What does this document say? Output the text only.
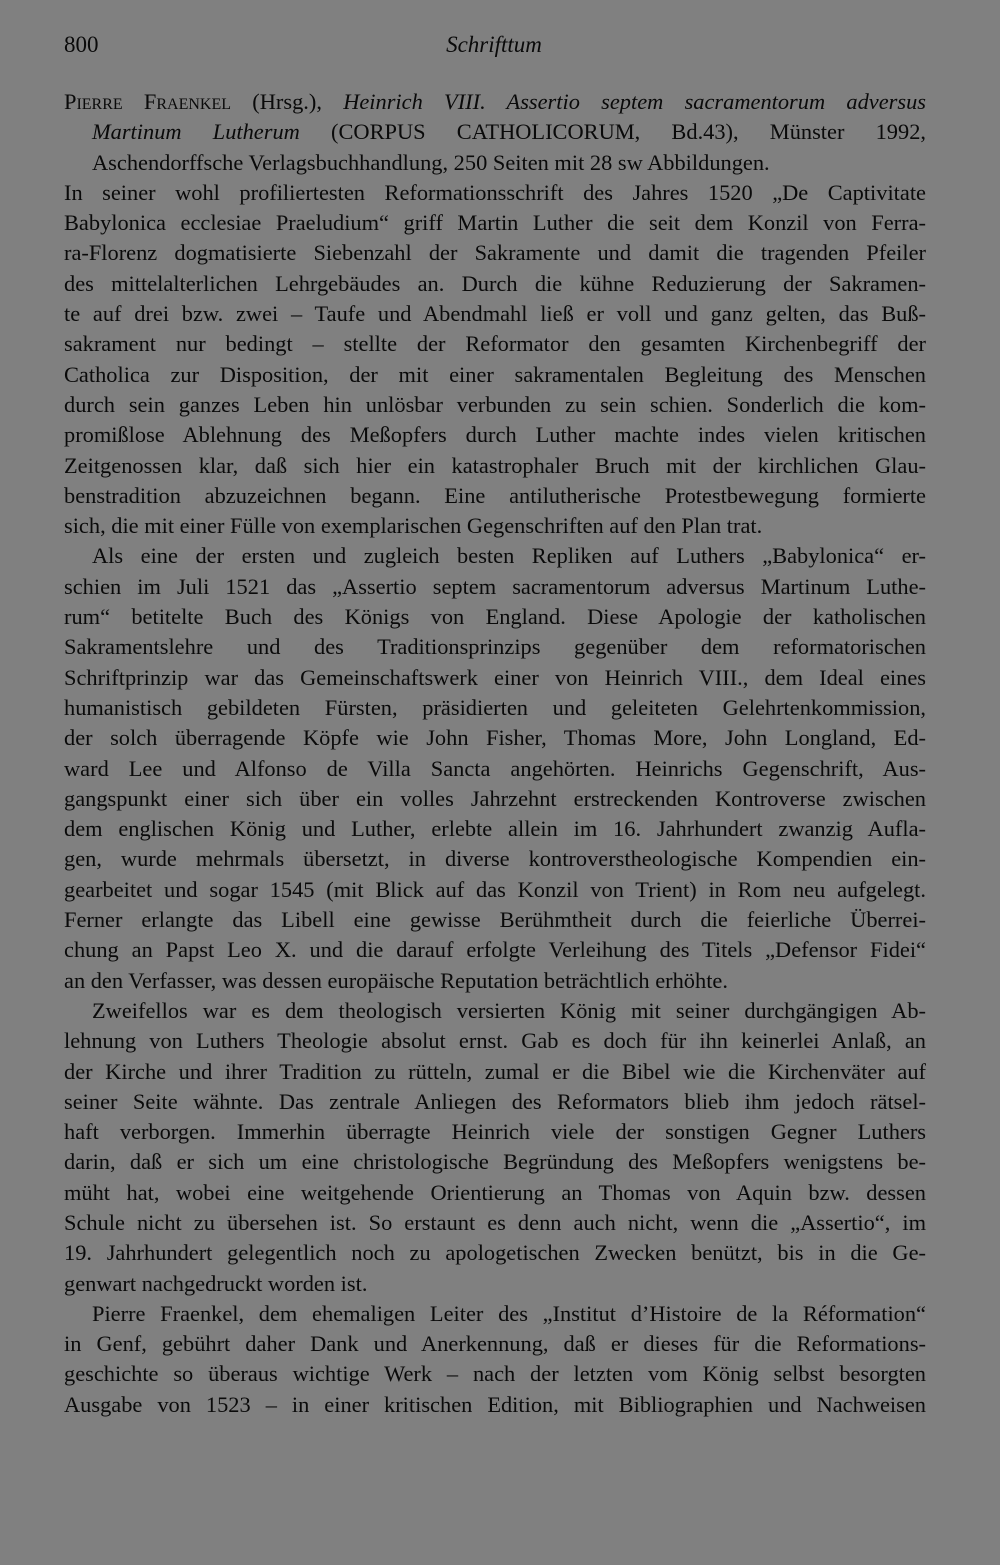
800	Schrifttum
Pierre Fraenkel (Hrsg.), Heinrich VIII. Assertio septem sacramentorum adversus
Martinum Lutherum (CORPUS CATHOLICORUM, Bd.43), Münster 1992,
Aschendorffsche Verlagsbuchhandlung, 250 Seiten mit 28 sw Abbildungen.
In seiner wohl profiliertesten Reformationsschrift des Jahres 1520 „De Captivitate
Babylonica ecclesiae Praeludium“ griff Martin Luther die seit dem Konzil von Ferra-
ra-Florenz dogmatisierte Siebenzahl der Sakramente und damit die tragenden Pfeiler
des mittelalterlichen Lehrgebäudes an. Durch die kühne Reduzierung der Sakramen-
te auf drei bzw. zwei – Taufe und Abendmahl ließ er voll und ganz gelten, das Buß-
sakrament nur bedingt – stellte der Reformator den gesamten Kirchenbegriff der
Catholica zur Disposition, der mit einer sakramentalen Begleitung des Menschen
durch sein ganzes Leben hin unlösbar verbunden zu sein schien. Sonderlich die kom-
promißlose Ablehnung des Meßopfers durch Luther machte indes vielen kritischen
Zeitgenossen klar, daß sich hier ein katastrophaler Bruch mit der kirchlichen Glau-
benstradition abzuzeichnen begann. Eine antilutherische Protestbewegung formierte
sich, die mit einer Fülle von exemplarischen Gegenschriften auf den Plan trat.
Als eine der ersten und zugleich besten Repliken auf Luthers „Babylonica“ er-
schien im Juli 1521 das „Assertio septem sacramentorum adversus Martinum Luthe-
rum“ betitelte Buch des Königs von England. Diese Apologie der katholischen
Sakramentslehre und des Traditionsprinzips gegenüber dem reformatorischen
Schriftprinzip war das Gemeinschaftswerk einer von Heinrich VIII., dem Ideal eines
humanistisch gebildeten Fürsten, präsidierten und geleiteten Gelehrtenkommission,
der solch überragende Köpfe wie John Fisher, Thomas More, John Longland, Ed-
ward Lee und Alfonso de Villa Sancta angehörten. Heinrichs Gegenschrift, Aus-
gangspunkt einer sich über ein volles Jahrzehnt erstreckenden Kontroverse zwischen
dem englischen König und Luther, erlebte allein im 16. Jahrhundert zwanzig Aufla-
gen, wurde mehrmals übersetzt, in diverse kontroverstheologische Kompendien ein-
gearbeitet und sogar 1545 (mit Blick auf das Konzil von Trient) in Rom neu aufgelegt.
Ferner erlangte das Libell eine gewisse Berühmtheit durch die feierliche Überrei-
chung an Papst Leo X. und die darauf erfolgte Verleihung des Titels „Defensor Fidei“
an den Verfasser, was dessen europäische Reputation beträchtlich erhöhte.
Zweifellos war es dem theologisch versierten König mit seiner durchgängigen Ab-
lehnung von Luthers Theologie absolut ernst. Gab es doch für ihn keinerlei Anlaß, an
der Kirche und ihrer Tradition zu rütteln, zumal er die Bibel wie die Kirchenväter auf
seiner Seite wähnte. Das zentrale Anliegen des Reformators blieb ihm jedoch rätsel-
haft verborgen. Immerhin überragte Heinrich viele der sonstigen Gegner Luthers
darin, daß er sich um eine christologische Begründung des Meßopfers wenigstens be-
müht hat, wobei eine weitgehende Orientierung an Thomas von Aquin bzw. dessen
Schule nicht zu übersehen ist. So erstaunt es denn auch nicht, wenn die „Assertio“, im
19. Jahrhundert gelegentlich noch zu apologetischen Zwecken benützt, bis in die Ge-
genwart nachgedruckt worden ist.
Pierre Fraenkel, dem ehemaligen Leiter des „Institut d’Histoire de la Réformation“
in Genf, gebührt daher Dank und Anerkennung, daß er dieses für die Reformations-
geschichte so überaus wichtige Werk – nach der letzten vom König selbst besorgten
Ausgabe von 1523 – in einer kritischen Edition, mit Bibliographien und Nachweisen
